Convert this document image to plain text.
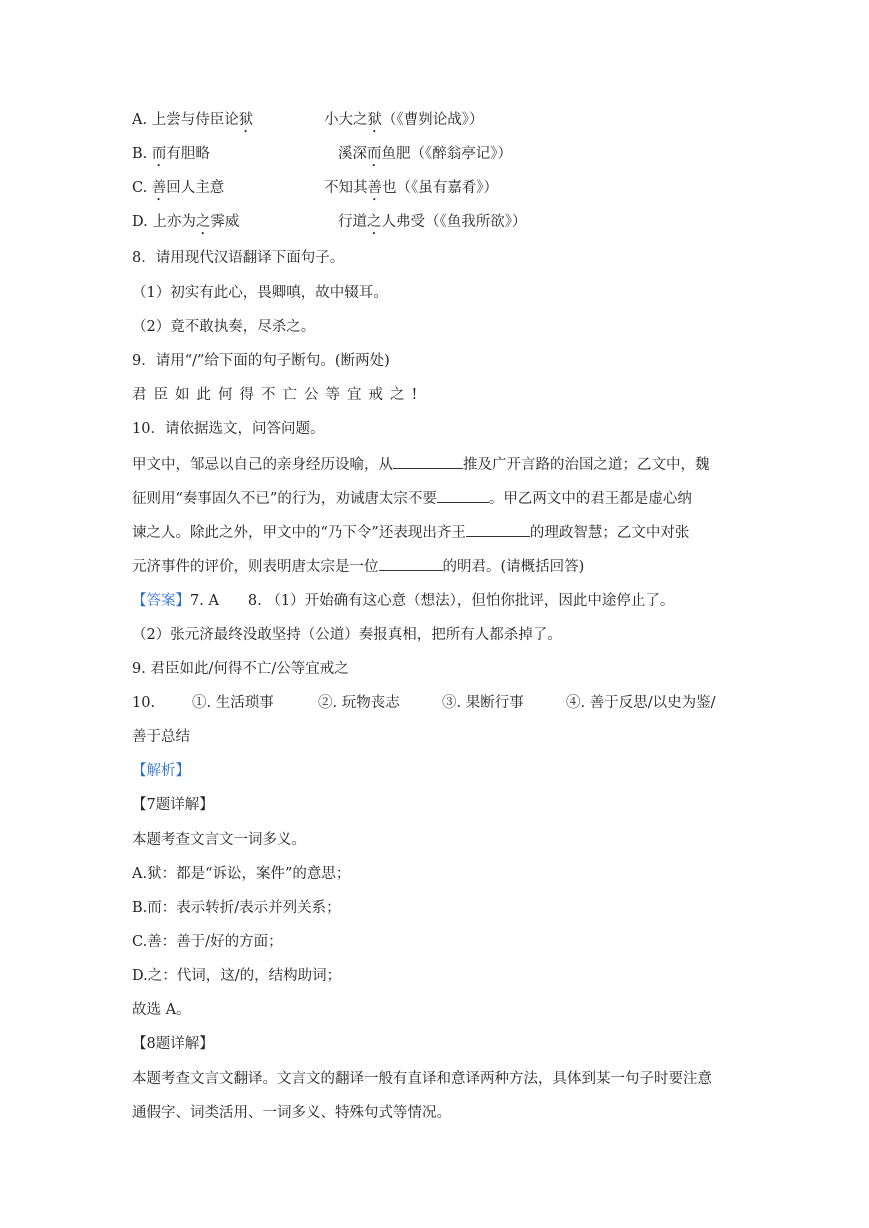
A. 上尝与侍臣论狱	小大之狱（《曹刿论战》）
B. 而有胆略	溪深而鱼肥（《醉翁亭记》）
C. 善回人主意	不知其善也（《虽有嘉肴》）
D. 上亦为之霁威	行道之人弗受（《鱼我所欲》）
8．请用现代汉语翻译下面句子。
（1）初实有此心，畏卿嗔，故中辍耳。
（2）竟不敢执奏，尽杀之。
9．请用“/”给下面的句子断句。(断两处)
君臣如此何得不亡公等宜戒之!
10．请依据选文，问答问题。
甲文中，邹忌以自己的亲身经历设喻，从	推及广开言路的治国之道；乙文中，魏
征则用“奏事固久不已”的行为，劝诫唐太宗不要	。甲乙两文中的君王都是虚心纳
谏之人。除此之外，甲文中的“乃下令”还表现出齐王	的理政智慧；乙文中对张
元济事件的评价，则表明唐太宗是一位	的明君。(请概括回答)
【答案】7. A　　8. （1）开始确有这心意（想法），但怕你批评，因此中途停止了。
（2）张元济最终没敢坚持（公道）奏报真相，把所有人都杀掉了。
9. 君臣如此/何得不亡/公等宜戒之
10.	①. 生活琐事	②. 玩物丧志	③. 果断行事	④. 善于反思/以史为鉴/
善于总结
【解析】
【7题详解】
本题考查文言文一词多义。
A.狱：都是“诉讼，案件”的意思；
B.而：表示转折/表示并列关系；
C.善：善于/好的方面；
D.之：代词，这/的，结构助词；
故选 A。
【8题详解】
本题考查文言文翻译。文言文的翻译一般有直译和意译两种方法，具体到某一句子时要注意
通假字、词类活用、一词多义、特殊句式等情况。
